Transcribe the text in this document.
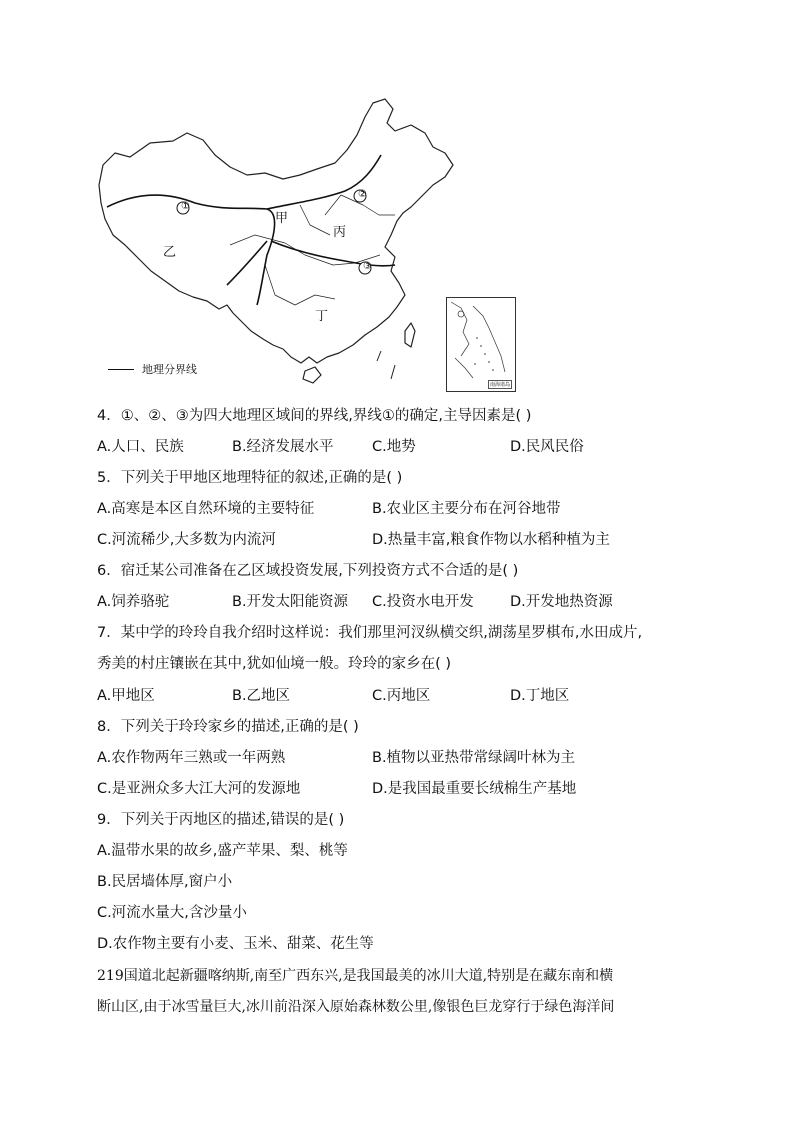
①
②
③
甲
乙
丙
丁
地理分界线
南海诸岛
4．①、②、③为四大地理区域间的界线,界线①的确定,主导因素是( )
A.人口、民族	B.经济发展水平	C.地势	D.民风民俗
5．下列关于甲地区地理特征的叙述,正确的是( )
A.高寒是本区自然环境的主要特征	B.农业区主要分布在河谷地带
C.河流稀少,大多数为内流河	D.热量丰富,粮食作物以水稻种植为主
6．宿迁某公司准备在乙区域投资发展,下列投资方式不合适的是( )
A.饲养骆驼	B.开发太阳能资源 C.投资水电开发	D.开发地热资源
7．某中学的玲玲自我介绍时这样说：我们那里河汊纵横交织,湖荡星罗棋布,水田成片,
秀美的村庄镶嵌在其中,犹如仙境一般。玲玲的家乡在( )
A.甲地区	B.乙地区	C.丙地区	D.丁地区
8．下列关于玲玲家乡的描述,正确的是( )
A.农作物两年三熟或一年两熟	B.植物以亚热带常绿阔叶林为主
C.是亚洲众多大江大河的发源地	D.是我国最重要长绒棉生产基地
9．下列关于丙地区的描述,错误的是( )
A.温带水果的故乡,盛产苹果、梨、桃等
B.民居墙体厚,窗户小
C.河流水量大,含沙量小
D.农作物主要有小麦、玉米、甜菜、花生等
219国道北起新疆喀纳斯,南至广西东兴,是我国最美的冰川大道,特别是在藏东南和横
断山区,由于冰雪量巨大,冰川前沿深入原始森林数公里,像银色巨龙穿行于绿色海洋间
